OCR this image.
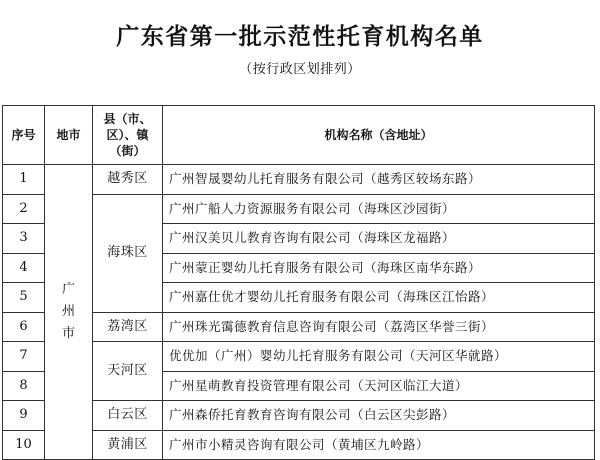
广东省第一批示范性托育机构名单
（按行政区划排列）
序号	地市	县（市、区）、镇（街）	机构名称（含地址）
1	广州市	越秀区	广州智晟婴幼儿托育服务有限公司（越秀区较场东路）
2		海珠区	广州广船人力资源服务有限公司（海珠区沙园街）
3			广州汉美贝儿教育咨询有限公司（海珠区龙福路）
4			广州蒙正婴幼儿托育服务有限公司（海珠区南华东路）
5			广州嘉仕优才婴幼儿托育服务有限公司（海珠区江怡路）
6		荔湾区	广州珠光霭德教育信息咨询有限公司（荔湾区华誉三街）
7		天河区	优优加（广州）婴幼儿托育服务有限公司（天河区华就路）
8			广州星萌教育投资管理有限公司（天河区临江大道）
9		白云区	广州森侨托育教育咨询有限公司（白云区尖彭路）
10		黄浦区	广州市小精灵咨询有限公司（黄埔区九岭路）
